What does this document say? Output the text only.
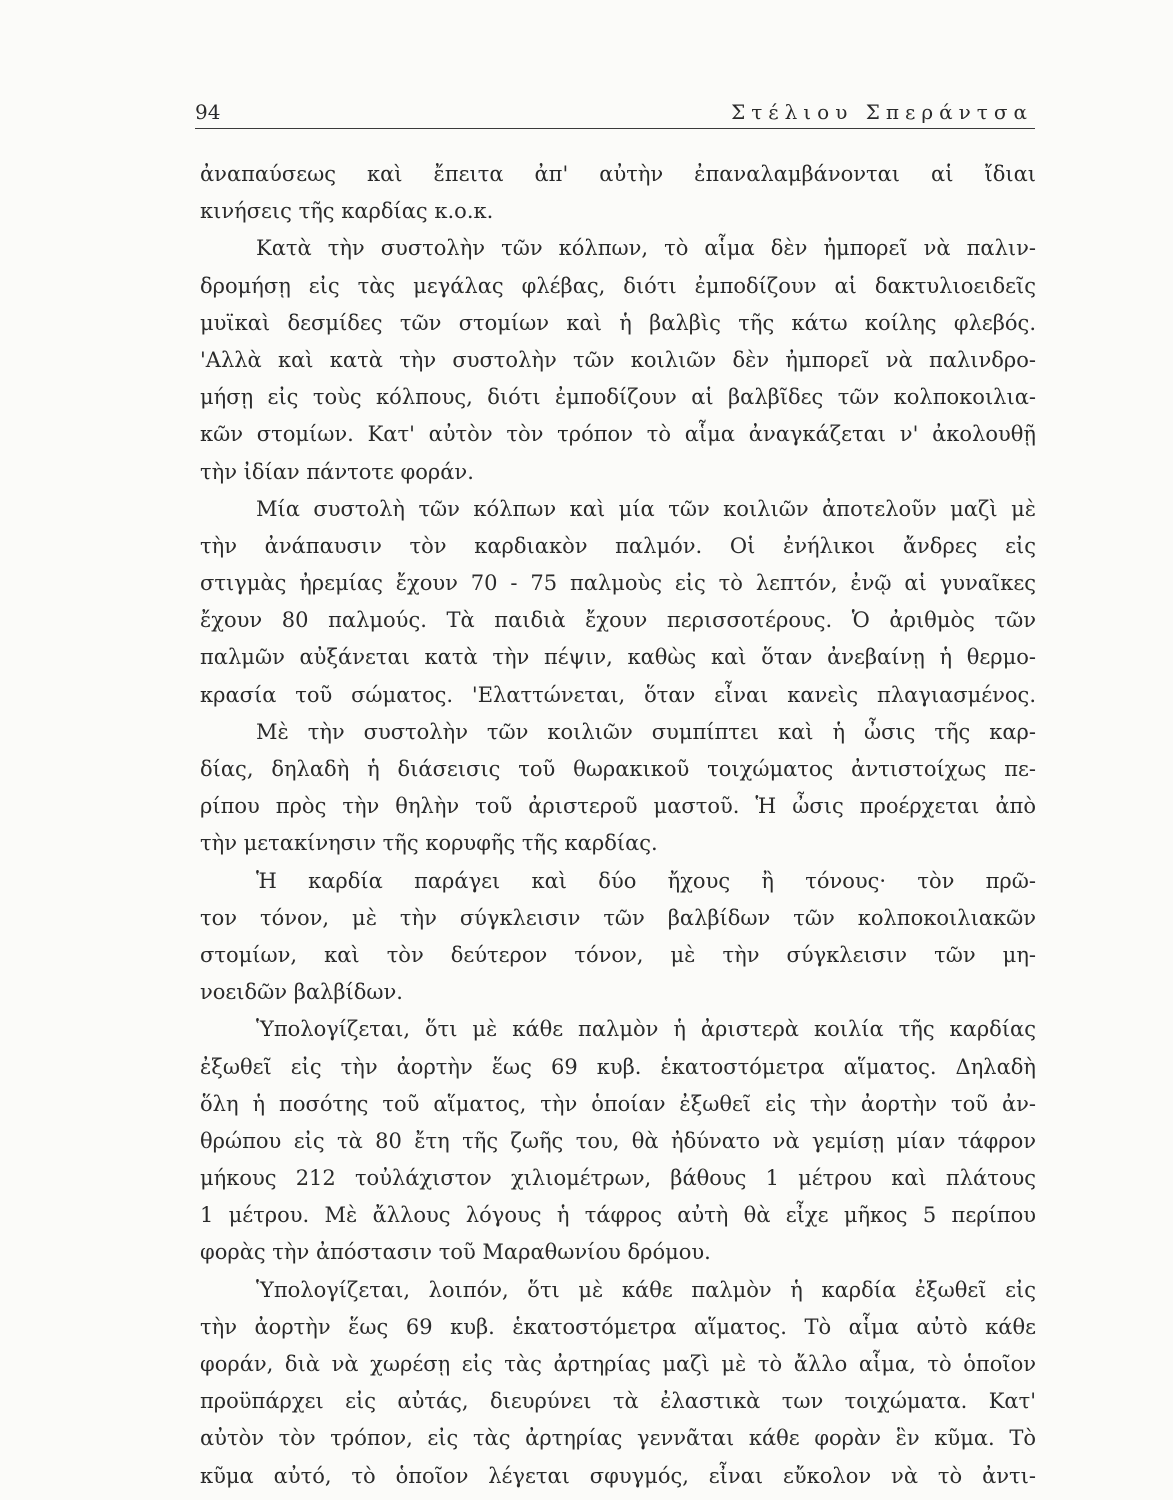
94	Στέλιου Σπεράντσα
ἀναπαύσεως καὶ ἔπειτα ἀπ' αὐτὴν ἐπαναλαμβάνονται αἱ ἴδιαι
κινήσεις τῆς καρδίας κ.ο.κ.
Κατὰ τὴν συστολὴν τῶν κόλπων, τὸ αἷμα δὲν ἠμπορεῖ νὰ παλιν-
δρομήσῃ εἰς τὰς μεγάλας φλέβας, διότι ἐμποδίζουν αἱ δακτυλιοειδεῖς
μυϊκαὶ δεσμίδες τῶν στομίων καὶ ἡ βαλβὶς τῆς κάτω κοίλης φλεβός.
'Αλλὰ καὶ κατὰ τὴν συστολὴν τῶν κοιλιῶν δὲν ἠμπορεῖ νὰ παλινδρο-
μήσῃ εἰς τοὺς κόλπους, διότι ἐμποδίζουν αἱ βαλβῖδες τῶν κολποκοιλια-
κῶν στομίων. Κατ' αὐτὸν τὸν τρόπον τὸ αἷμα ἀναγκάζεται ν' ἀκολουθῇ
τὴν ἰδίαν πάντοτε φοράν.
Μία συστολὴ τῶν κόλπων καὶ μία τῶν κοιλιῶν ἀποτελοῦν μαζὶ μὲ
τὴν ἀνάπαυσιν τὸν καρδιακὸν παλμόν. Οἱ ἐνήλικοι ἄνδρες εἰς
στιγμὰς ἠρεμίας ἔχουν 70 - 75 παλμοὺς εἰς τὸ λεπτόν, ἐνῷ αἱ γυναῖκες
ἔχουν 80 παλμούς. Τὰ παιδιὰ ἔχουν περισσοτέρους. Ὁ ἀριθμὸς τῶν
παλμῶν αὐξάνεται κατὰ τὴν πέψιν, καθὼς καὶ ὅταν ἀνεβαίνῃ ἡ θερμο-
κρασία τοῦ σώματος. 'Ελαττώνεται, ὅταν εἶναι κανεὶς πλαγιασμένος.
Μὲ τὴν συστολὴν τῶν κοιλιῶν συμπίπτει καὶ ἡ ὦσις τῆς καρ-
δίας, δηλαδὴ ἡ διάσεισις τοῦ θωρακικοῦ τοιχώματος ἀντιστοίχως πε-
ρίπου πρὸς τὴν θηλὴν τοῦ ἀριστεροῦ μαστοῦ. Ἡ ὦσις προέρχεται ἀπὸ
τὴν μετακίνησιν τῆς κορυφῆς τῆς καρδίας.
Ἡ καρδία παράγει καὶ δύο ἤχους ἢ τόνους· τὸν πρῶ-
τον τόνον, μὲ τὴν σύγκλεισιν τῶν βαλβίδων τῶν κολποκοιλιακῶν
στομίων, καὶ τὸν δεύτερον τόνον, μὲ τὴν σύγκλεισιν τῶν μη-
νοειδῶν βαλβίδων.
Ὑπολογίζεται, ὅτι μὲ κάθε παλμὸν ἡ ἀριστερὰ κοιλία τῆς καρδίας
ἐξωθεῖ εἰς τὴν ἀορτὴν ἕως 69 κυβ. ἑκατοστόμετρα αἵματος. Δηλαδὴ
ὅλη ἡ ποσότης τοῦ αἵματος, τὴν ὁποίαν ἐξωθεῖ εἰς τὴν ἀορτὴν τοῦ ἀν-
θρώπου εἰς τὰ 80 ἔτη τῆς ζωῆς του, θὰ ἠδύνατο νὰ γεμίσῃ μίαν τάφρον
μήκους 212 τοὐλάχιστον χιλιομέτρων, βάθους 1 μέτρου καὶ πλάτους
1 μέτρου. Μὲ ἄλλους λόγους ἡ τάφρος αὐτὴ θὰ εἶχε μῆκος 5 περίπου
φορὰς τὴν ἀπόστασιν τοῦ Μαραθωνίου δρόμου.
Ὑπολογίζεται, λοιπόν, ὅτι μὲ κάθε παλμὸν ἡ καρδία ἐξωθεῖ εἰς
τὴν ἀορτὴν ἕως 69 κυβ. ἑκατοστόμετρα αἵματος. Τὸ αἷμα αὐτὸ κάθε
φοράν, διὰ νὰ χωρέσῃ εἰς τὰς ἀρτηρίας μαζὶ μὲ τὸ ἄλλο αἷμα, τὸ ὁποῖον
προϋπάρχει εἰς αὐτάς, διευρύνει τὰ ἐλαστικὰ των τοιχώματα. Κατ'
αὐτὸν τὸν τρόπον, εἰς τὰς ἀρτηρίας γεννᾶται κάθε φορὰν ἓν κῦμα. Τὸ
κῦμα αὐτό, τὸ ὁποῖον λέγεται σφυγμός, εἶναι εὔκολον νὰ τὸ ἀντι-
